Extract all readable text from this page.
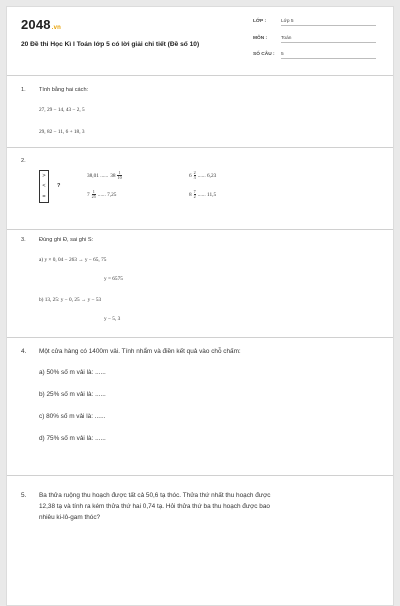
2048.vn
20 Đề thi Học Kì I Toán lớp 5 có lời giải chi tiết (Đề số 10)
LỚP :	Lớp 5
MÔN :	Toán
SỐ CÂU : 5
1. Tính bằng hai cách:
27, 29 − 14, 43 − 2, 5
29, 82 − 11, 6 + 18, 3
2.
>
<
=
?
38,01 ...... $38 \frac{1}{10}$	$6 \frac{2}{3}$ ...... 6,23
$7 \frac{1}{25}$ ...... 7,25	$8 \frac{7}{2}$ ...... 11,5
3. Đúng ghi Đ, sai ghi S:
a) y × 0, 04 − 263 → y − 65, 75
y = 6575
b) 13, 25: y − 0, 25 → y − 53
y − 5, 3
4. Một cửa hàng có 1400m vải. Tính nhẩm và điền kết quả vào chỗ chấm:
a) 50% số m vải là: ......
b) 25% số m vải là: ......
c) 80% số m vải là: ......
d) 75% số m vải là: ......
5. Ba thửa ruộng thu hoạch được tất cả 50,6 tạ thóc. Thửa thứ nhất thu hoạch được
12,38 tạ và tính ra kém thửa thứ hai 0,74 tạ. Hỏi thửa thứ ba thu hoạch được bao
nhiêu ki-lô-gam thóc?
